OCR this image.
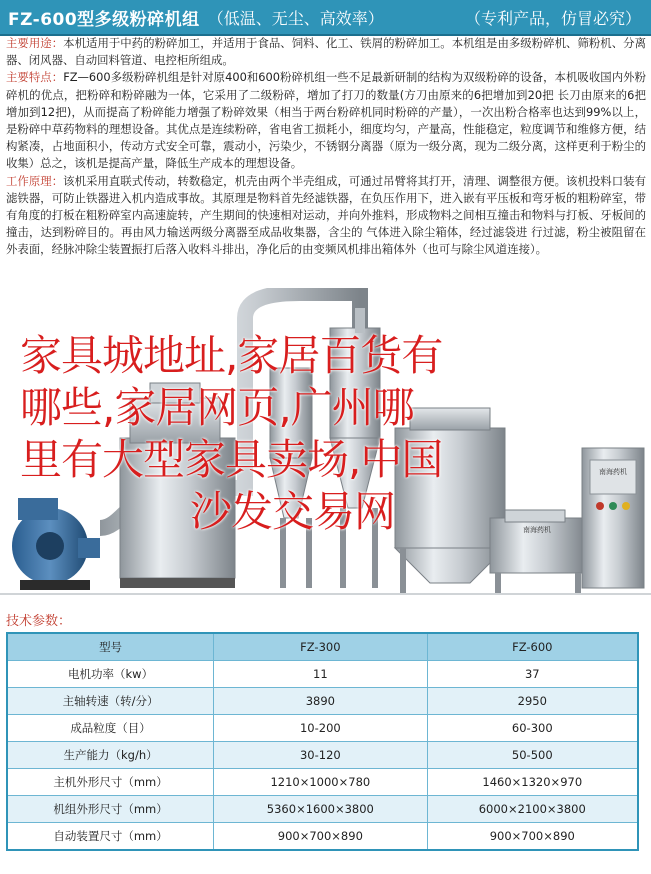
FZ-600型多级粉碎机组 （低温、无尘、高效率）	（专利产品，仿冒必究）

主要用途：本机适用于中药的粉碎加工，并适用于食品、饲料、化工、铁屑的粉碎加工。本机组是由多级粉碎机、筛粉机、分离器、闭风器、自动回料管道、电控柜所组成。

主要特点：FZ—600多级粉碎机组是针对原400和600粉碎机组一些不足最新研制的结构为双级粉碎的设备，本机吸收国内外粉碎机的优点，把粉碎和粉碎融为一体，它采用了二级粉碎，增加了打刀的数量(方刀由原来的6把增加到20把 长刀由原来的6把增加到12把)，从而提高了粉碎能力增强了粉碎效果（相当于两台粉碎机同时粉碎的产量），一次出粉合格率也达到99%以上，是粉碎中草药物料的理想设备。其优点是连续粉碎，省电省工损耗小，细度均匀，产量高，性能稳定，粒度调节和维修方便，结构紧凑，占地面积小，传动方式安全可靠，震动小，污染少，不锈钢分离器（原为一级分离，现为二级分离，这样更利于粉尘的收集）总之，该机是提高产量，降低生产成本的理想设备。

工作原理：该机采用直联式传动，转数稳定，机壳由两个半壳组成，可通过吊臂将其打开，清理、调整很方便。该机投料口装有滤铁器，可防止铁器进入机内造成事故。其原理是物料首先经滤铁器，在负压作用下，进入嵌有平压板和弯牙板的粗粉碎室，带有角度的打板在粗粉碎室内高速旋转，产生期间的快速相对运动，并向外推料，形成物料之间相互撞击和物料与打板、牙板间的撞击，达到粉碎目的。再由风力输送两级分离器至成品收集器，含尘的 气体进入除尘箱体，经过滤袋进 行过滤，粉尘被阻留在外表面，经脉冲除尘装置振打后落入收料斗排出，净化后的由变频风机排出箱体外（也可与除尘风道连接）。

南海药机
南海药机
家具城地址,家居百货有
哪些,家居网页,广州哪
里有大型家具卖场,中国
沙发交易网
技术参数：
型号	FZ-300	FZ-600
电机功率（kw）	11	37
主轴转速（转/分）	3890	2950
成品粒度（目）	10-200	60-300
生产能力（kg/h）	30-120	50-500
主机外形尺寸（mm）	1210×1000×780	1460×1320×970
机组外形尺寸（mm）	5360×1600×3800	6000×2100×3800
自动装置尺寸（mm）	900×700×890	900×700×890
